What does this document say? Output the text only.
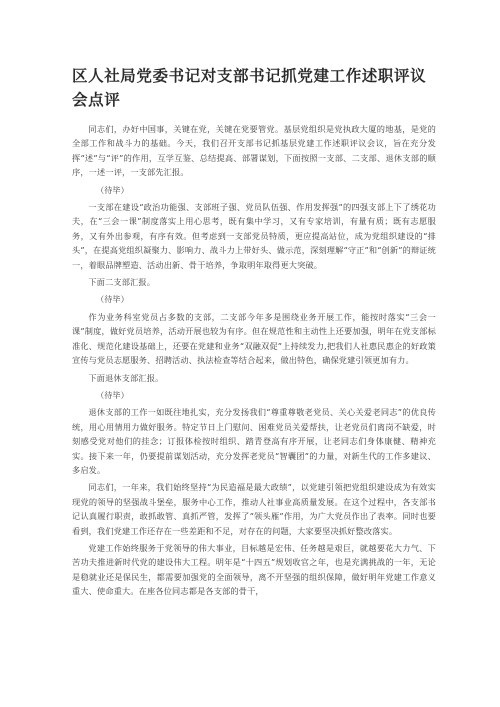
区人社局党委书记对支部书记抓党建工作述职评议会点评

同志们，办好中国事，关键在党，关键在党要管党。基层党组织是党执政大厦的地基，是党的全部工作和战斗力的基础。今天，我们召开支部书记抓基层党建工作述职评议会议，旨在充分发挥“述”与“评”的作用，互学互鉴、总结提高、部署谋划，下面按照一支部、二支部、退休支部的顺序，一述一评，一支部先汇报。

（待毕）

一支部在建设“政治功能强、支部班子强、党员队伍强、作用发挥强”的四强支部上下了绣花功夫，在“三会一课”制度落实上用心思考，既有集中学习，又有专家培训，有量有质；既有志愿服务，又有外出参观，有序有效。但考虑到一支部党员特质，更应提高站位，成为党组织建设的“排头”，在提高党组织凝聚力、影响力、战斗力上带好头、做示范，深刻理解“守正”和“创新”的辩证统一，着眼品牌塑造、活动出新、骨干培养，争取明年取得更大突破。

下面二支部汇报。

（待毕）

作为业务科室党员占多数的支部，二支部今年多是围绕业务开展工作，能按时落实“三会一课”制度，做好党员培养，活动开展也较为有序。但在规范性和主动性上还要加强，明年在党支部标准化、规范化建设基础上，还要在党建和业务“双融双促”上持续发力,把我们人社惠民惠企的好政策宣传与党员志愿服务、招聘活动、执法检查等结合起来，做出特色，确保党建引领更加有力。

下面退休支部汇报。

（待毕）

退休支部的工作一如既往地扎实，充分发扬我们“尊重尊敬老党员、关心关爱老同志”的优良传统，用心用情用力做好服务。特定节日上门慰问、困难党员关爱帮扶，让老党员们离岗不缺爱，时刻感受党对他们的挂念；订报体检按时组织、踏青登高有序开展，让老同志们身体康健、精神充实。接下来一年，仍要提前谋划活动，充分发挥老党员“智囊团”的力量，对新生代的工作多建议、多启发。

同志们，一年来，我们始终坚持“为民造福是最大政绩”，以党建引领把党组织建设成为有效实现党的领导的坚强战斗堡垒，服务中心工作，推动人社事业高质量发展。在这个过程中，各支部书记认真履行职责，敢抓敢管、真抓严管，发挥了“领头雁”作用，为广大党员作出了表率。同时也要看到，我们党建工作还存在一些差距和不足，对存在的问题，大家要坚决抓好整改落实。

党建工作始终服务于党领导的伟大事业，目标越是宏伟、任务越是艰巨，就越要花大力气、下苦功夫推进新时代党的建设伟大工程。明年是“十四五”规划收官之年，也是充满挑战的一年，无论是稳就业还是保民生，都需要加强党的全面领导，离不开坚强的组织保障，做好明年党建工作意义重大、使命重大。在座各位同志都是各支部的骨干，
